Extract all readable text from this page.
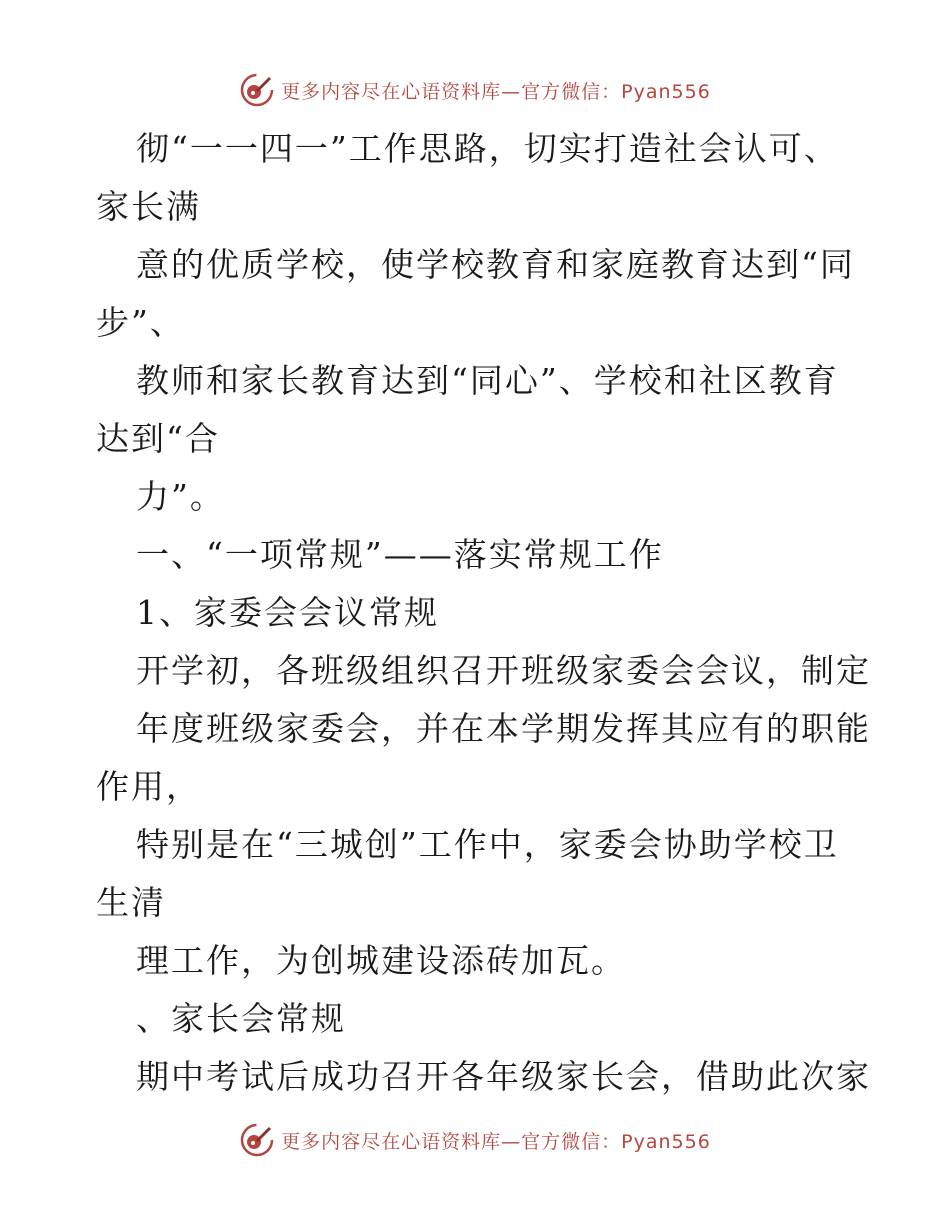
更多内容尽在心语资料库—官方微信：Pyan556
彻“一一四一”工作思路，切实打造社会认可、
家长满
意的优质学校，使学校教育和家庭教育达到“同
步”、
教师和家长教育达到“同心”、学校和社区教育
达到“合
力”。
一、“一项常规”——落实常规工作
1、家委会会议常规
开学初，各班级组织召开班级家委会会议，制定
年度班级家委会，并在本学期发挥其应有的职能
作用，
特别是在“三城创”工作中，家委会协助学校卫
生清
理工作，为创城建设添砖加瓦。
、家长会常规
期中考试后成功召开各年级家长会，借助此次家
更多内容尽在心语资料库—官方微信：Pyan556
